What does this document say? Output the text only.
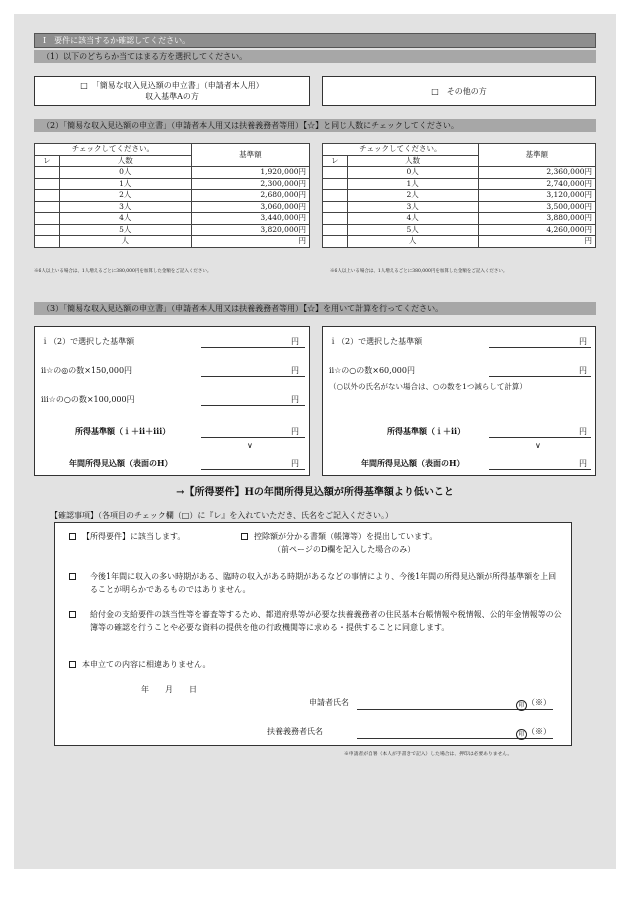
Ⅰ　要件に該当するか確認してください。
（1）以下のどちらか当てはまる方を選択してください。
□　「簡易な収入見込額の申立書」（申請者本人用）
収入基準Aの方
□　その他の方
（2）「簡易な収入見込額の申立書」（申請者本人用又は扶養義務者等用）【☆】と同じ人数にチェックしてください。
チェックしてください。		基準額
レ	人数	
	0人	1,920,000円
	1人	2,300,000円
	2人	2,680,000円
	3人	3,060,000円
	4人	3,440,000円
	5人	3,820,000円
	人	円
※6人以上いる場合は、1人増えるごとに380,000円を加算した金額をご記入ください。
チェックしてください。		基準額
レ	人数	
	0人	2,360,000円
	1人	2,740,000円
	2人	3,120,000円
	3人	3,500,000円
	4人	3,880,000円
	5人	4,260,000円
	人	円
※6人以上いる場合は、1人増えるごとに380,000円を加算した金額をご記入ください。
（3）「簡易な収入見込額の申立書」（申請者本人用又は扶養義務者等用）【☆】を用いて計算を行ってください。
ｉ（2）で選択した基準額	円
ⅱ☆の◎の数×150,000円	円
ⅲ☆の○の数×100,000円	円
所得基準額（ｉ＋ⅱ＋ⅲ）	円
∨
年間所得見込額（表面のH）	円
ｉ（2）で選択した基準額	円
ⅱ☆の○の数×60,000円	円
（○以外の氏名がない場合は、○の数を1つ減らして計算）
所得基準額（ｉ＋ⅱ）	円
∨
年間所得見込額（表面のH）	円
→【所得要件】Hの年間所得見込額が所得基準額より低いこと
【確認事項】（各項目のチェック欄（□）に『レ』を入れていただき、氏名をご記入ください。）
【所得要件】に該当します。	控除額が分かる書類（帳簿等）を提出しています。
（前ページのD欄を記入した場合のみ）
今後1年間に収入の多い時期がある、臨時の収入がある時期があるなどの事情により、今後1年間の所得見込額が所得基準額を上回ることが明らかであるものではありません。
給付金の支給要件の該当性等を審査等するため、都道府県等が必要な扶養義務者の住民基本台帳情報や税情報、公的年金情報等の公簿等の確認を行うことや必要な資料の提供を他の行政機関等に求める・提供することに同意します。
本申立ての内容に相違ありません。
年　　月　　日
申請者氏名	印 （※）
扶養義務者氏名	印 （※）
※申請者が自署（本人が手書きで記入）した場合は、押印は必要ありません。
